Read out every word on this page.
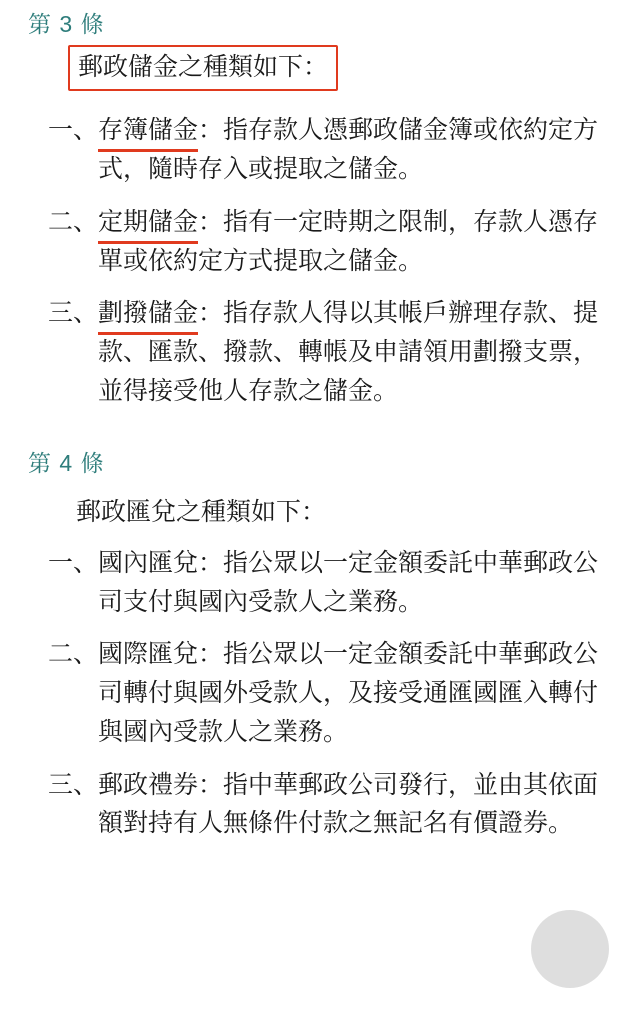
第 3 條
郵政儲金之種類如下：
一、 存簿儲金：指存款人憑郵政儲金簿或依約定方式，隨時存入或提取之儲金。
二、 定期儲金：指有一定時期之限制，存款人憑存單或依約定方式提取之儲金。
三、 劃撥儲金：指存款人得以其帳戶辦理存款、提款、匯款、撥款、轉帳及申請領用劃撥支票，並得接受他人存款之儲金。
第 4 條
郵政匯兌之種類如下：
一、 國內匯兌：指公眾以一定金額委託中華郵政公司支付與國內受款人之業務。
二、 國際匯兌：指公眾以一定金額委託中華郵政公司轉付與國外受款人，及接受通匯國匯入轉付與國內受款人之業務。
三、 郵政禮券：指中華郵政公司發行，並由其依面額對持有人無條件付款之無記名有價證券。
